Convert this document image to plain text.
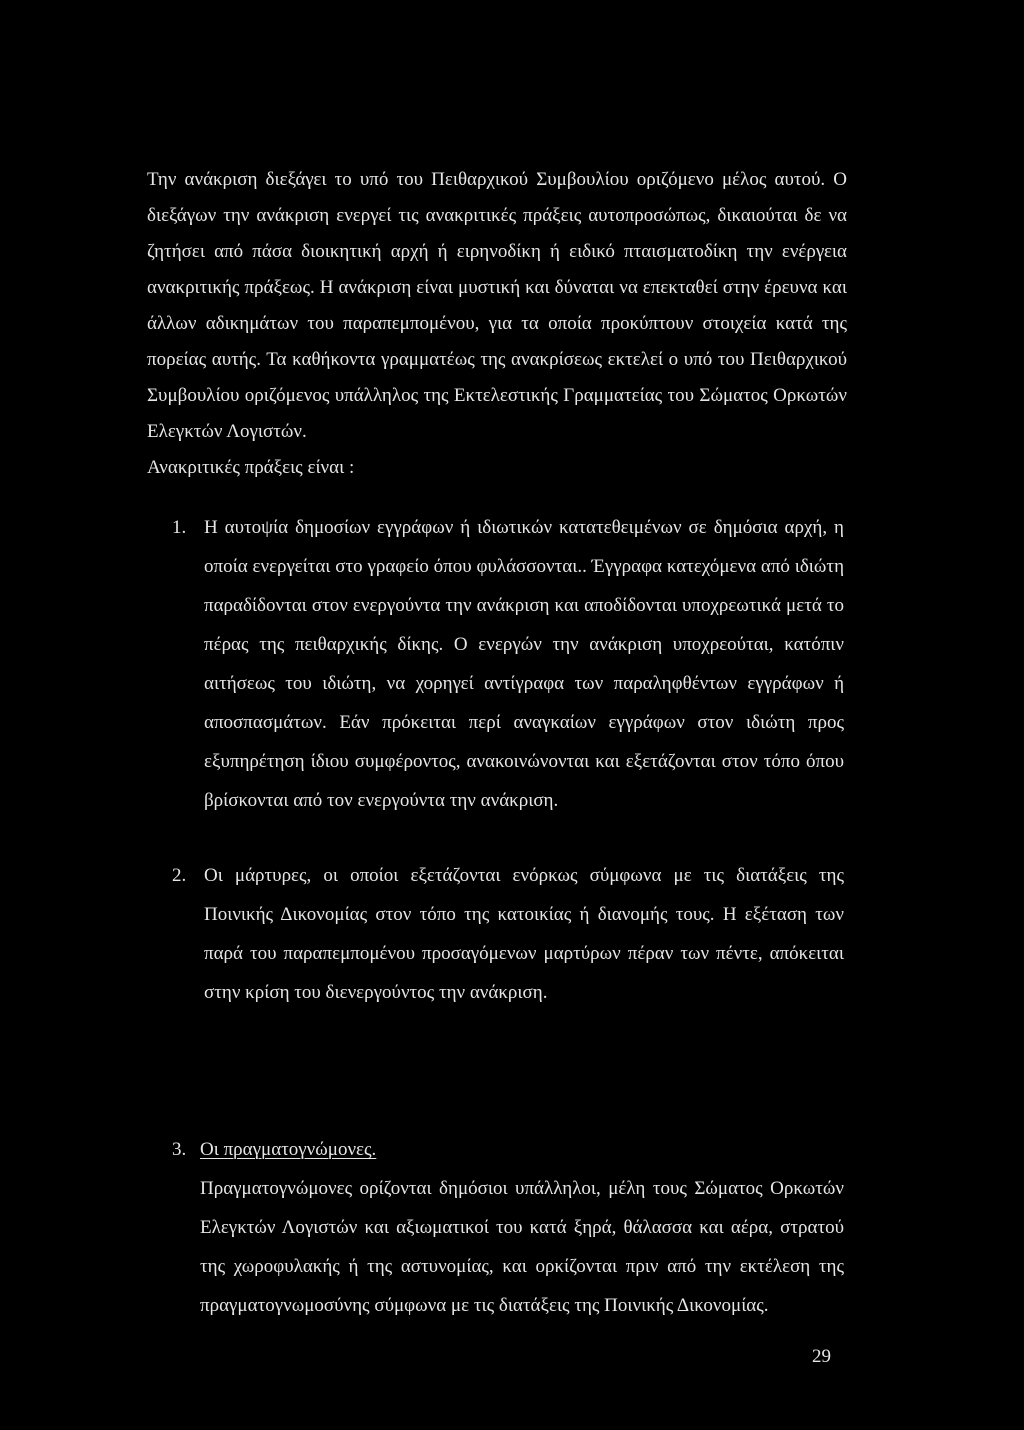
Την ανάκριση διεξάγει το υπό του Πειθαρχικού Συμβουλίου οριζόμενο μέλος αυτού. Ο διεξάγων την ανάκριση ενεργεί τις ανακριτικές πράξεις αυτοπροσώπως, δικαιούται δε να ζητήσει από πάσα διοικητική αρχή ή ειρηνοδίκη ή ειδικό πταισματοδίκη την ενέργεια ανακριτικής πράξεως. Η ανάκριση είναι μυστική και δύναται να επεκταθεί στην έρευνα και άλλων αδικημάτων του παραπεμπομένου, για τα οποία προκύπτουν στοιχεία κατά της πορείας αυτής. Τα καθήκοντα γραμματέως της ανακρίσεως εκτελεί ο υπό του Πειθαρχικού Συμβουλίου οριζόμενος υπάλληλος της Εκτελεστικής Γραμματείας του Σώματος Ορκωτών Ελεγκτών Λογιστών.

Ανακριτικές πράξεις είναι :

1. Η αυτοψία δημοσίων εγγράφων ή ιδιωτικών κατατεθειμένων σε δημόσια αρχή, η οποία ενεργείται στο γραφείο όπου φυλάσσονται.. Έγγραφα κατεχόμενα από ιδιώτη παραδίδονται στον ενεργούντα την ανάκριση και αποδίδονται υποχρεωτικά μετά το πέρας της πειθαρχικής δίκης. Ο ενεργών την ανάκριση υποχρεούται, κατόπιν αιτήσεως του ιδιώτη, να χορηγεί αντίγραφα των παραληφθέντων εγγράφων ή αποσπασμάτων. Εάν πρόκειται περί αναγκαίων εγγράφων στον ιδιώτη προς εξυπηρέτηση ίδιου συμφέροντος, ανακοινώνονται και εξετάζονται στον τόπο όπου βρίσκονται από τον ενεργούντα την ανάκριση.
2. Οι μάρτυρες, οι οποίοι εξετάζονται ενόρκως σύμφωνα με τις διατάξεις της Ποινικής Δικονομίας στον τόπο της κατοικίας ή διανομής τους. Η εξέταση των παρά του παραπεμπομένου προσαγόμενων μαρτύρων πέραν των πέντε, απόκειται στην κρίση του διενεργούντος την ανάκριση.
3. Οι πραγματογνώμονες.
Πραγματογνώμονες ορίζονται δημόσιοι υπάλληλοι, μέλη τους Σώματος Ορκωτών Ελεγκτών Λογιστών και αξιωματικοί του κατά ξηρά, θάλασσα και αέρα, στρατού της χωροφυλακής ή της αστυνομίας, και ορκίζονται πριν από την εκτέλεση της πραγματογνωμοσύνης σύμφωνα με τις διατάξεις της Ποινικής Δικονομίας.
29
